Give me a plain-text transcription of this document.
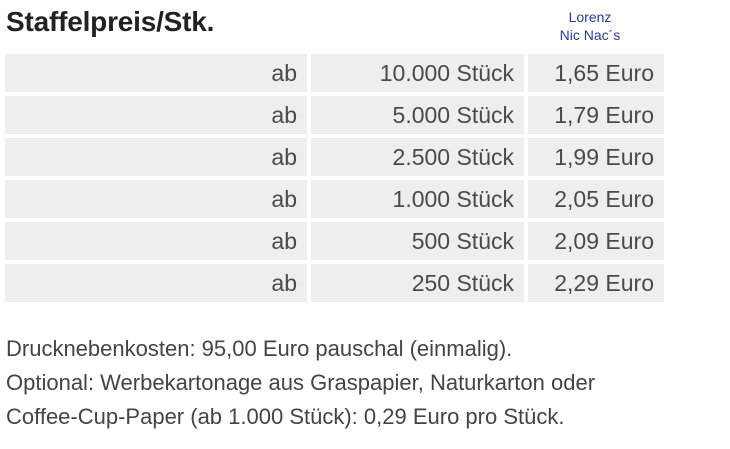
Staffelpreis/Stk.	Lorenz
Nic Nac´s
ab	10.000 Stück	1,65 Euro
ab	5.000 Stück	1,79 Euro
ab	2.500 Stück	1,99 Euro
ab	1.000 Stück	2,05 Euro
ab	500 Stück	2,09 Euro
ab	250 Stück	2,29 Euro

Drucknebenkosten: 95,00 Euro pauschal (einmalig).

Optional: Werbekartonage aus Graspapier, Naturkarton oder

Coffee-Cup-Paper (ab 1.000 Stück): 0,29 Euro pro Stück.
